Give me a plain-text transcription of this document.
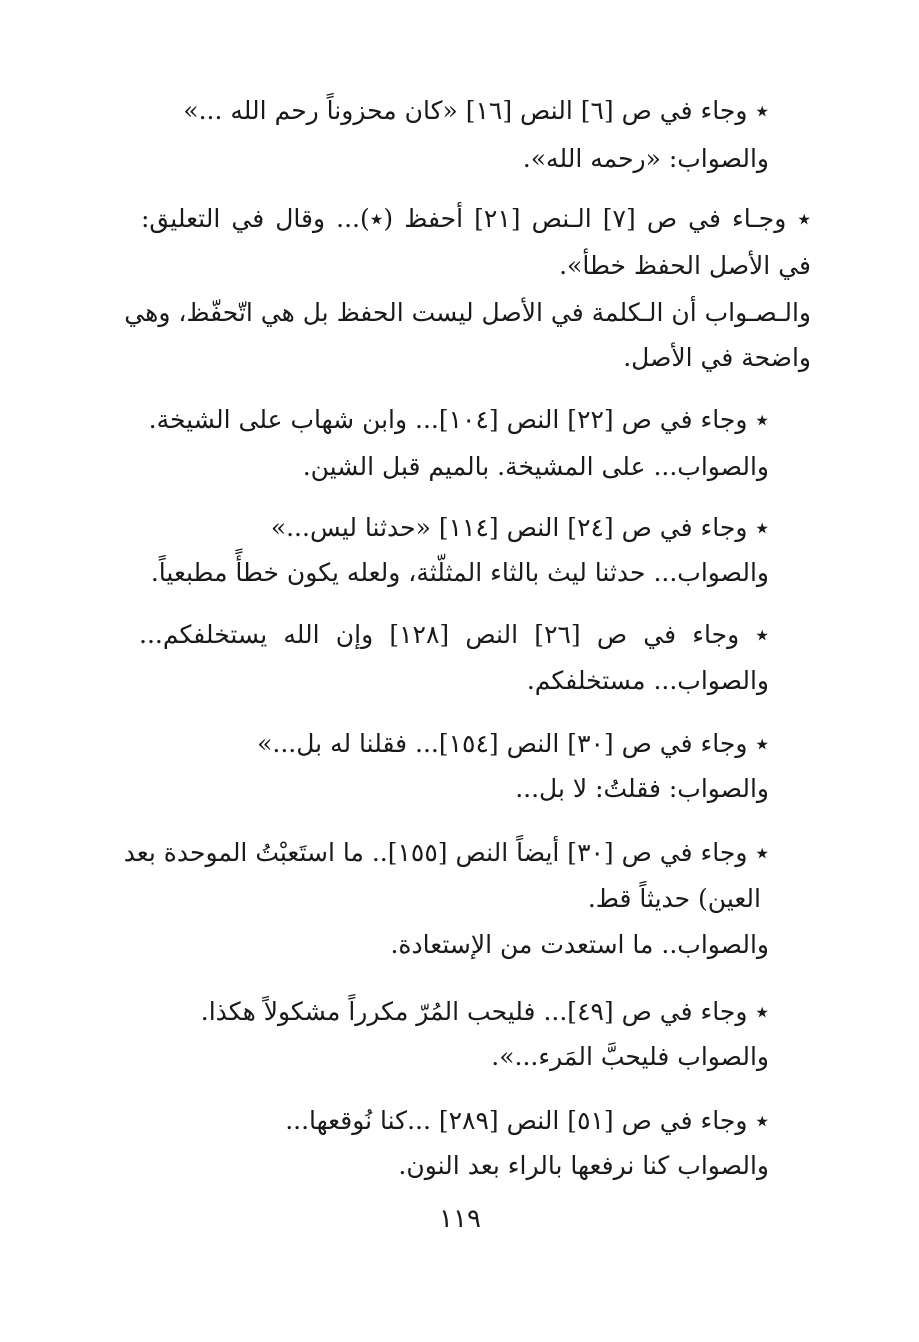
٭ وجاء في ص [٦] النص [١٦] «كان محزوناً رحم الله ...»
والصواب: «رحمه الله».
٭ وجـاء في ص [٧] الـنص [٢١] أحفظ (٭)... وقال في التعليق:
في الأصل الحفظ خطأ».
والـصـواب أن الـكلمة في الأصل ليست الحفظ بل هي اتّحفّظ، وهي
واضحة في الأصل.
٭ وجاء في ص [٢٢] النص [١٠٤]... وابن شهاب على الشيخة.
والصواب... على المشيخة. بالميم قبل الشين.
٭ وجاء في ص [٢٤] النص [١١٤] «حدثنا ليس...»
والصواب... حدثنا ليث بالثاء المثلّثة، ولعله يكون خطأً مطبعياً.
٭ وجاء في ص [٢٦] النص [١٢٨] وإن الله يستخلفكم...
والصواب... مستخلفكم.
٭ وجاء في ص [٣٠] النص [١٥٤]... فقلنا له بل...»
والصواب: فقلتُ: لا بل...
٭ وجاء في ص [٣٠] أيضاً النص [١٥٥].. ما استَعبْتُ الموحدة بعد
العين) حديثاً قط.
والصواب.. ما استعدت من الإستعادة.
٭ وجاء في ص [٤٩]... فليحب المُرّ مكرراً مشكولاً هكذا.
والصواب فليحبَّ المَرء...».
٭ وجاء في ص [٥١] النص [٢٨٩] ...كنا نُوقعها...
والصواب كنا نرفعها بالراء بعد النون.
١١٩
